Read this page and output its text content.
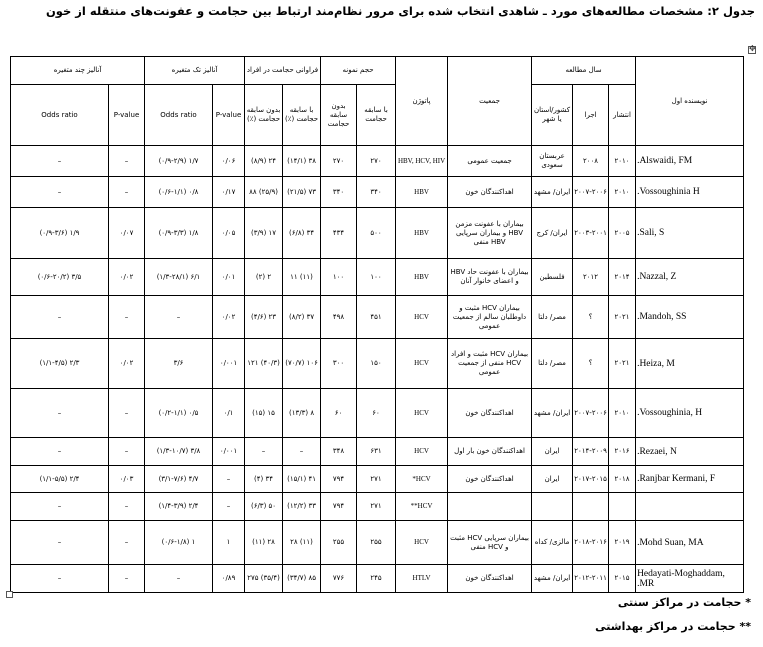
جدول ۲: مشخصات مطالعه‌های مورد ـ شاهدی انتخاب شده برای مرور نظام‌مند ارتباط بین حجامت و عفونت‌های منتقله از خون
✥
نویسنده اول	سال مطالعه			جمعیت	پاتوژن	حجم نمونه		فراوانی حجامت در افراد		آنالیز تک متغیره		آنالیز چند متغیره	
	انتشار	اجرا	کشور/استان یا شهر			با سابقه حجامت	بدون سابقه حجامت	با سابقه حجامت (٪)	بدون سابقه حجامت (٪)	P-value	Odds ratio	P-value	Odds ratio
Alswaidi, FM.	۲۰۱۰	۲۰۰۸	عربستان سعودی	جمعیت عمومی	HBV, HCV, HIV	۲۷۰	۲۷۰	۳۸ (۱۴/۱)	۲۴ (۸/۹)	۰/۰۶	۱/۷ (۰/۹-۲/۹)	–	–
Vossoughinia H.	۲۰۱۰	۲۰۰۷-۲۰۰۶	ایران/ مشهد	اهداکنندگان خون	HBV	۳۴۰	۳۴۰	۷۳ (۲۱/۵)	(۲۵/۹) ۸۸	۰/۱۷	۰/۸ (۰/۶-۱/۱)	–	–
Sali, S.	۲۰۰۵	۲۰۰۳-۲۰۰۱	ایران/ کرج	بیماران با عفونت مزمن HBV و بیماران سرپایی HBV منفی	HBV	۵۰۰	۴۳۴	۳۴ (۶/۸)	۱۷ (۳/۹)	۰/۰۵	۱/۸ (۰/۹-۳/۳)	۰/۰۷	۱/۹ (۰/۹-۳/۶)
Nazzal, Z.	۲۰۱۴	۲۰۱۲	فلسطین	بیماران با عفونت حاد HBV و اعضای خانوار آنان	HBV	۱۰۰	۱۰۰	(۱۱) ۱۱	۲ (۲)	۰/۰۱	۶/۱ (۱/۳-۲۸/۱)	۰/۰۲	۳/۵ (۰/۶-۲۰/۲)
Mandoh, SS.	۲۰۲۱	؟	مصر/ دلتا	بیماران HCV مثبت و داوطلبان سالم از جمعیت عمومی	HCV	۴۵۱	۴۹۸	۳۷ (۸/۲)	۲۳ (۴/۶)	۰/۰۲	–	–	–
Heiza, M.	۲۰۲۱	؟	مصر/ دلتا	بیماران HCV مثبت و افراد HCV منفی از جمعیت عمومی	HCV	۱۵۰	۳۰۰	۱۰۶ (۷۰/۷)	(۴۰/۳) ۱۲۱	۰/۰۰۱	۳/۶	۰/۰۲	۲/۳ (۱/۱-۴/۵)
Vossoughinia, H.	۲۰۱۰	۲۰۰۷-۲۰۰۶	ایران/ مشهد	اهداکنندگان خون	HCV	۶۰	۶۰	۸ (۱۳/۳)	۱۵ (۱۵)	۰/۱	۰/۵ (۰/۲-۱/۱)	–	–
Rezaei, N.	۲۰۱۶	۲۰۱۴-۲۰۰۹	ایران	اهداکنندگان خون بار اول	HCV	۶۳۱	۳۴۸	–	–	۰/۰۰۱	۳/۸ (۱/۳-۱۰/۷)	–	–
Ranjbar Kermani, F.	۲۰۱۸	۲۰۱۷-۲۰۱۵	ایران	اهداکنندگان خون	HCV*	۲۷۱	۷۹۴	۴۱ (۱۵/۱)	۳۴ (۴)	–	۴/۷ (۳/۱-۷/۶)	۰/۰۳	۲/۴ (۱/۱-۵/۵)
					HCV**	۲۷۱	۷۹۴	۳۳ (۱۲/۲)	۵۰ (۶/۳)	–	۲/۴ (۱/۴-۳/۹)	–	–
Mohd Suan, MA.	۲۰۱۹	۲۰۱۸-۲۰۱۶	مالزی/ کداه	بیماران سرپایی HCV مثبت و HCV منفی	HCV	۲۵۵	۲۵۵	(۱۱) ۲۸	۲۸ (۱۱)	۱	۱ (۰/۶-۱/۸)	–	–
Hedayati-Moghaddam, MR.	۲۰۱۵	۲۰۱۲-۲۰۱۱	ایران/ مشهد	اهداکنندگان خون	HTLV	۲۴۵	۷۷۶	۸۵ (۳۴/۷)	(۳۵/۴) ۲۷۵	۰/۸۹	–	–	–
* حجامت در مراکز سنتی
** حجامت در مراکز بهداشتی
